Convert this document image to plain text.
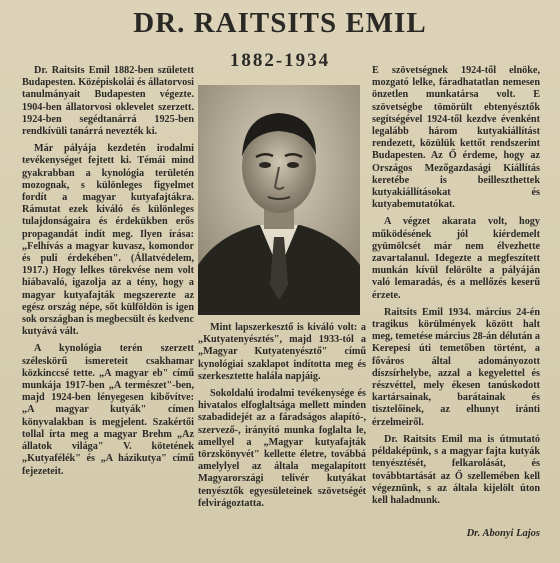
DR. RAITSITS EMIL
1882-1934

Dr. Raitsits Emil 1882-ben született Budapesten. Középiskolái és állatorvosi tanulmányait Budapesten végezte. 1904-ben állatorvosi oklevelet szerzett. 1924-ben segédtanárrá 1925-ben rendkívüli tanárrá nevezték ki.

Már pályája kezdetén irodalmi tevékenységet fejtett ki. Témái mind gyakrabban a kynológia területén mozognak, s különleges figyelmet fordít a magyar kutyafajtákra. Rámutat ezek kiváló és különleges tulajdonságaira és érdekükben erős propagandát indít meg. Ilyen írása: „Felhívás a magyar kuvasz, komondor és puli érdekében". (Állatvédelem, 1917.) Hogy lelkes törekvése nem volt hiábavaló, igazolja az a tény, hogy a magyar kutyafajták megszerezte az egész ország népe, sőt külföldön is igen sok országban is megbecsült és kedvenc kutyává vált.

A kynológia terén szerzett széleskörű ismereteit csakhamar közkinccsé tette. „A magyar eb" című munkája 1917-ben „A természet"-ben, majd 1924-ben lényegesen kibővítve: „A magyar kutyák" címen könyvalakban is megjelent. Szakértői tollal írta meg a magyar Brehm „Az állatok világa" V. kötetének „Kutyafélék" és „A házikutya" című fejezeteit.

Mint lapszerkesztő is kiváló volt: a „Kutyatenyésztés", majd 1933-tól a „Magyar Kutyatenyésztő" című kynológiai szaklapot indította meg és szerkesztette halála napjáig.

Sokoldalú irodalmi tevékenysége és hivatalos elfoglaltsága mellett minden szabadidejét az a fáradságos alapító-, szervező-, irányító munka foglalta le, amellyel a „Magyar kutyafajták törzskönyvét" kellette életre, továbbá amelylyel az általa megalapított Magyarországi telivér kutyákat tenyésztők egyesületeinek szövetségét felvirágoztatta.

E szövetségnek 1924-től elnöke, mozgató lelke, fáradhatatlan nemesen önzetlen munkatársa volt. E szövetségbe tömörült ebtenyésztők segítségével 1924-től kezdve évenként legalább három kutyakiállítást rendezett, közülük kettőt rendszerint Budapesten. Az Ő érdeme, hogy az Országos Mezőgazdasági Kiállítás keretébe is beilleszthettek kutyakiállításokat és kutyabemutatókat.

A végzet akarata volt, hogy működésének jól kiérdemelt gyümölcsét már nem élvezhette zavartalanul. Idegezte a megfeszített munkán kívül felörölte a pályáján való lemaradás, és a mellőzés keserű érzete.

Raitsits Emil 1934. március 24-én tragikus körülmények között halt meg, temetése március 28-án délután a Kerepesi úti temetőben történt, a főváros által adományozott díszsírhelybe, azzal a kegyelettel és részvéttel, mely ékesen tanúskodott kartársainak, barátainak és tisztelőinek, az elhunyt iránti érzelmeiről.

Dr. Raitsits Emil ma is útmutató példaképünk, s a magyar fajta kutyák tenyésztését, felkarolását, és továbbtartását az Ő szellemében kell végeznünk, s az általa kijelölt úton kell haladnunk.

Dr. Abonyi Lajos
